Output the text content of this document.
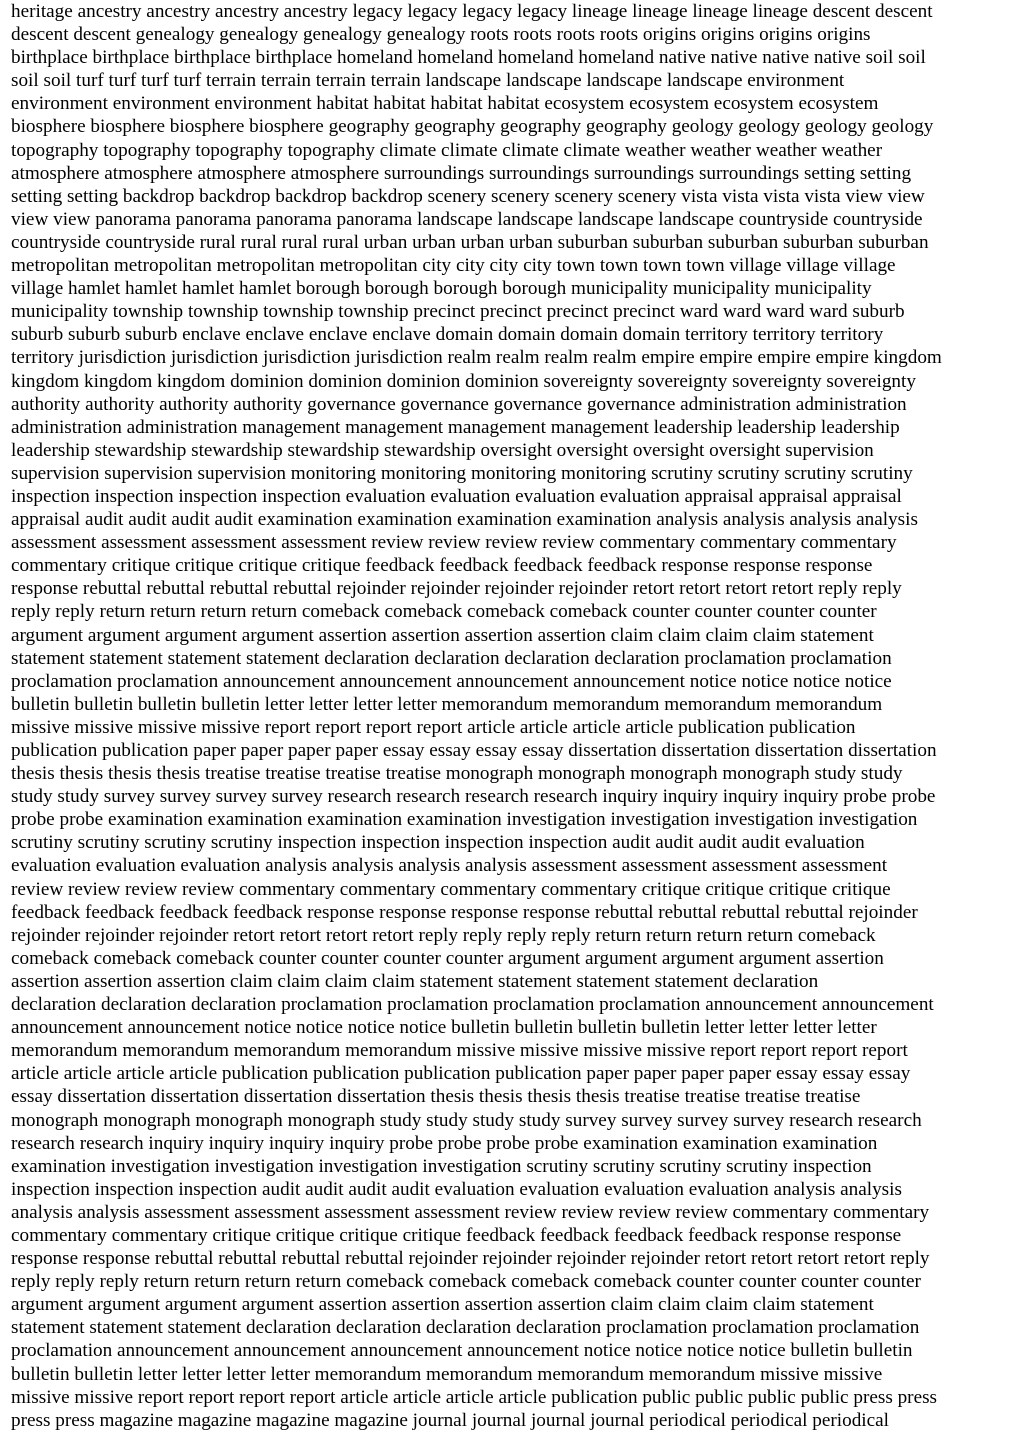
heritage ancestry ancestry ancestry ancestry legacy legacy legacy legacy lineage lineage lineage lineage descent descent
descent descent genealogy genealogy genealogy genealogy roots roots roots roots origins origins origins origins
birthplace birthplace birthplace birthplace homeland homeland homeland homeland native native native native soil soil
soil soil turf turf turf turf terrain terrain terrain terrain landscape landscape landscape landscape environment
environment environment environment habitat habitat habitat habitat ecosystem ecosystem ecosystem ecosystem
biosphere biosphere biosphere biosphere geography geography geography geography geology geology geology geology
topography topography topography topography climate climate climate climate weather weather weather weather
atmosphere atmosphere atmosphere atmosphere surroundings surroundings surroundings surroundings setting setting
setting setting backdrop backdrop backdrop backdrop scenery scenery scenery scenery vista vista vista vista view view
view view panorama panorama panorama panorama landscape landscape landscape landscape countryside countryside
countryside countryside rural rural rural rural urban urban urban urban suburban suburban suburban suburban suburban
metropolitan metropolitan metropolitan metropolitan city city city city town town town town village village village
village hamlet hamlet hamlet hamlet borough borough borough borough municipality municipality municipality
municipality township township township township precinct precinct precinct precinct ward ward ward ward suburb
suburb suburb suburb enclave enclave enclave enclave domain domain domain domain territory territory territory
territory jurisdiction jurisdiction jurisdiction jurisdiction realm realm realm realm empire empire empire empire kingdom
kingdom kingdom kingdom dominion dominion dominion dominion sovereignty sovereignty sovereignty sovereignty
authority authority authority authority governance governance governance governance administration administration
administration administration management management management management leadership leadership leadership
leadership stewardship stewardship stewardship stewardship oversight oversight oversight oversight supervision
supervision supervision supervision monitoring monitoring monitoring monitoring scrutiny scrutiny scrutiny scrutiny
inspection inspection inspection inspection evaluation evaluation evaluation evaluation appraisal appraisal appraisal
appraisal audit audit audit audit examination examination examination examination analysis analysis analysis analysis
assessment assessment assessment assessment review review review review commentary commentary commentary
commentary critique critique critique critique feedback feedback feedback feedback response response response
response rebuttal rebuttal rebuttal rebuttal rejoinder rejoinder rejoinder rejoinder retort retort retort retort reply reply
reply reply return return return return comeback comeback comeback comeback counter counter counter counter
argument argument argument argument assertion assertion assertion assertion claim claim claim claim statement
statement statement statement statement declaration declaration declaration declaration proclamation proclamation
proclamation proclamation announcement announcement announcement announcement notice notice notice notice
bulletin bulletin bulletin bulletin letter letter letter letter memorandum memorandum memorandum memorandum
missive missive missive missive report report report report article article article article publication publication
publication publication paper paper paper paper essay essay essay essay dissertation dissertation dissertation dissertation
thesis thesis thesis thesis treatise treatise treatise treatise monograph monograph monograph monograph study study
study study survey survey survey survey research research research research inquiry inquiry inquiry inquiry probe probe
probe probe examination examination examination examination investigation investigation investigation investigation
scrutiny scrutiny scrutiny scrutiny inspection inspection inspection inspection audit audit audit audit evaluation
evaluation evaluation evaluation analysis analysis analysis analysis assessment assessment assessment assessment
review review review review commentary commentary commentary commentary critique critique critique critique
feedback feedback feedback feedback response response response response rebuttal rebuttal rebuttal rebuttal rejoinder
rejoinder rejoinder rejoinder retort retort retort retort reply reply reply reply return return return return comeback
comeback comeback comeback counter counter counter counter argument argument argument argument assertion
assertion assertion assertion claim claim claim claim statement statement statement statement declaration
declaration declaration declaration proclamation proclamation proclamation proclamation announcement announcement
announcement announcement notice notice notice notice bulletin bulletin bulletin bulletin letter letter letter letter
memorandum memorandum memorandum memorandum missive missive missive missive report report report report
article article article article publication publication publication publication paper paper paper paper essay essay essay
essay dissertation dissertation dissertation dissertation thesis thesis thesis thesis treatise treatise treatise treatise
monograph monograph monograph monograph study study study study survey survey survey survey research research
research research inquiry inquiry inquiry inquiry probe probe probe probe examination examination examination
examination investigation investigation investigation investigation scrutiny scrutiny scrutiny scrutiny inspection
inspection inspection inspection audit audit audit audit evaluation evaluation evaluation evaluation analysis analysis
analysis analysis assessment assessment assessment assessment review review review review commentary commentary
commentary commentary critique critique critique critique feedback feedback feedback feedback response response
response response rebuttal rebuttal rebuttal rebuttal rejoinder rejoinder rejoinder rejoinder retort retort retort retort reply
reply reply reply return return return return comeback comeback comeback comeback counter counter counter counter
argument argument argument argument assertion assertion assertion assertion claim claim claim claim statement
statement statement statement declaration declaration declaration declaration proclamation proclamation proclamation
proclamation announcement announcement announcement announcement notice notice notice notice bulletin bulletin
bulletin bulletin letter letter letter letter memorandum memorandum memorandum memorandum missive missive
missive missive report report report report article article article article publication public public public public press press
press press magazine magazine magazine magazine journal journal journal journal periodical periodical periodical
